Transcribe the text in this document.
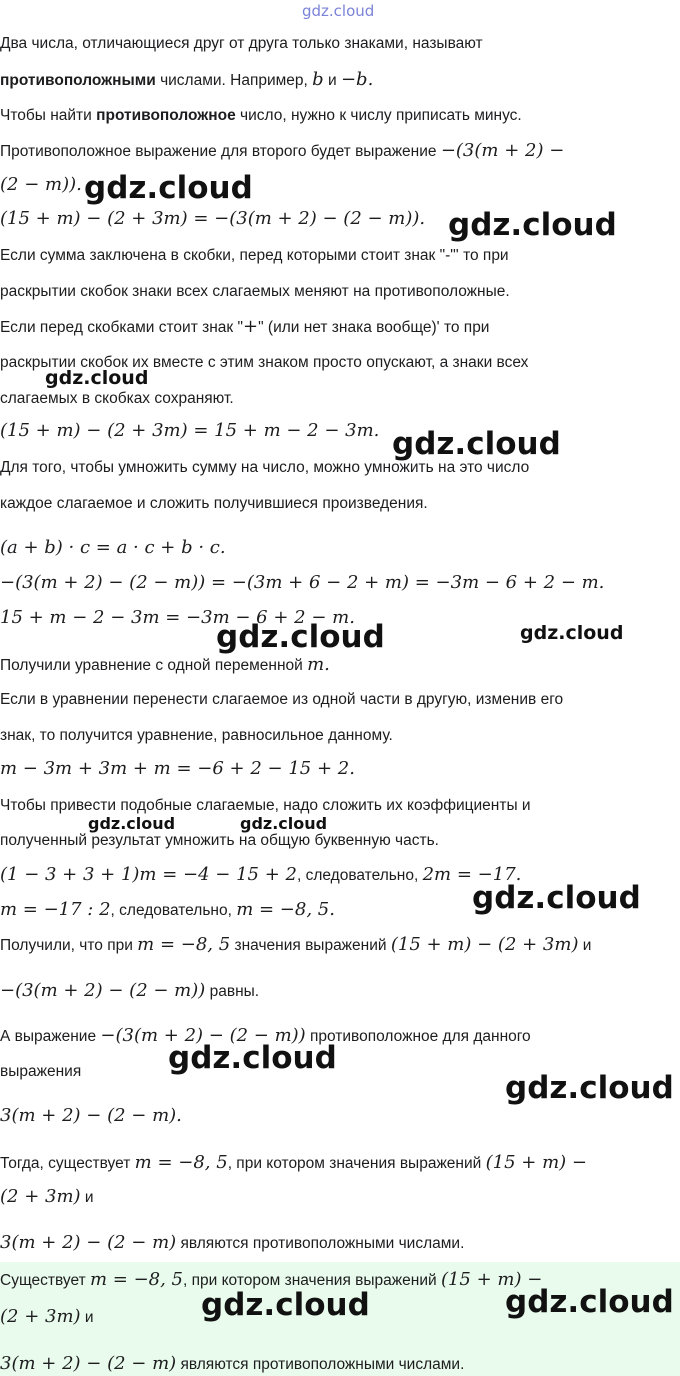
gdz.cloud
Два числа, отличающиеся друг от друга только знаками, называют
противоположными числами. Например, b и −b.
Чтобы найти противоположное число, нужно к числу приписать минус.
Противоположное выражение для второго будет выражение −(3(m + 2) −
(2 − m)).
(15 + m) − (2 + 3m) = −(3(m + 2) − (2 − m)).
Если сумма заключена в скобки, перед которыми стоит знак "-"' то при
раскрытии скобок знаки всех слагаемых меняют на противоположные.
Если перед скобками стоит знак "+" (или нет знака вообще)' то при
раскрытии скобок их вместе с этим знаком просто опускают, а знаки всех
слагаемых в скобках сохраняют.
(15 + m) − (2 + 3m) = 15 + m − 2 − 3m.
Для того, чтобы умножить сумму на число, можно умножить на это число
каждое слагаемое и сложить получившиеся произведения.
(a + b) · c = a · c + b · c.
−(3(m + 2) − (2 − m)) = −(3m + 6 − 2 + m) = −3m − 6 + 2 − m.
15 + m − 2 − 3m = −3m − 6 + 2 − m.
Получили уравнение с одной переменной m.
Если в уравнении перенести слагаемое из одной части в другую, изменив его
знак, то получится уравнение, равносильное данному.
m − 3m + 3m + m = −6 + 2 − 15 + 2.
Чтобы привести подобные слагаемые, надо сложить их коэффициенты и
полученный результат умножить на общую буквенную часть.
(1 − 3 + 3 + 1)m = −4 − 15 + 2, следовательно, 2m = −17.
m = −17 : 2, следовательно, m = −8, 5.
Получили, что при m = −8, 5 значения выражений (15 + m) − (2 + 3m) и
−(3(m + 2) − (2 − m)) равны.
А выражение −(3(m + 2) − (2 − m)) противоположное для данного
выражения
3(m + 2) − (2 − m).
Тогда, существует m = −8, 5, при котором значения выражений (15 + m) −
(2 + 3m) и
3(m + 2) − (2 − m) являются противоположными числами.
Существует m = −8, 5, при котором значения выражений (15 + m) −
(2 + 3m) и
3(m + 2) − (2 − m) являются противоположными числами.
gdz.cloud
gdz.cloud
gdz.cloud
gdz.cloud
gdz.cloud	gdz.cloud
gdz.cloud	gdz.cloud
gdz.cloud
gdz.cloud
gdz.cloud
gdz.cloud	gdz.cloud
